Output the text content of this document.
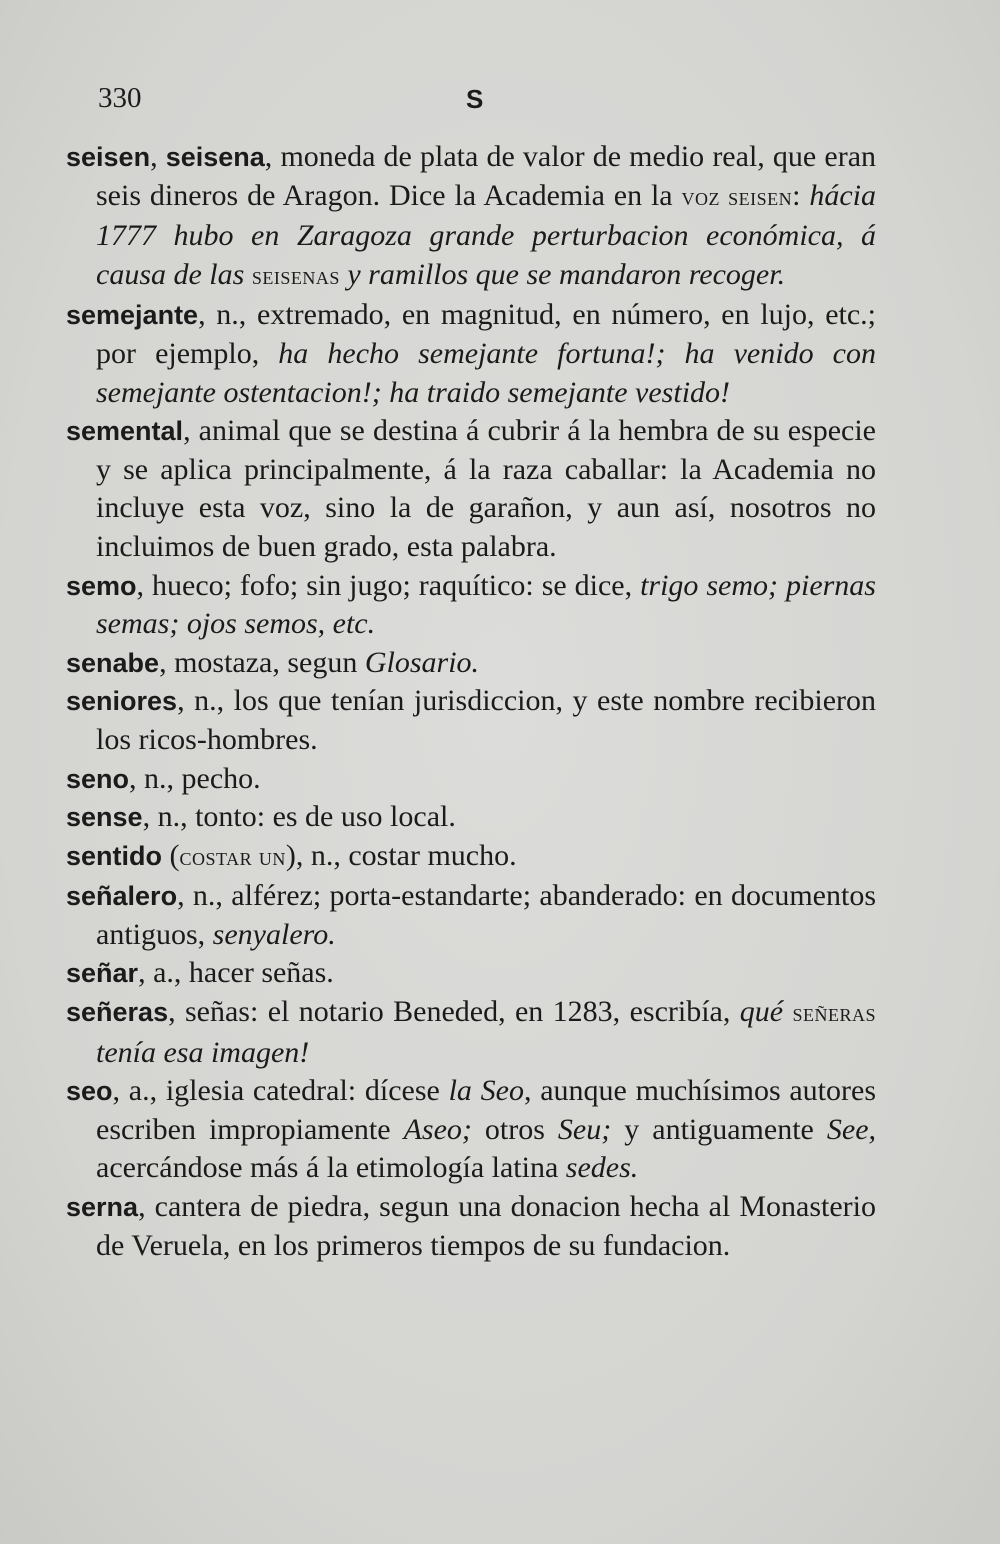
330	S

seisen, seisena, moneda de plata de valor de medio real, que eran seis dineros de Aragon. Dice la Academia en la voz seisen: hácia 1777 hubo en Zaragoza grande perturbacion económica, á causa de las seisenas y ramillos que se mandaron recoger.

semejante, n., extremado, en magnitud, en número, en lujo, etc.; por ejemplo, ha hecho semejante fortuna!; ha venido con semejante ostentacion!; ha traido semejante vestido!

semental, animal que se destina á cubrir á la hembra de su especie y se aplica principalmente, á la raza caballar: la Academia no incluye esta voz, sino la de garañon, y aun así, nosotros no incluimos de buen grado, esta palabra.

semo, hueco; fofo; sin jugo; raquítico: se dice, trigo semo; piernas semas; ojos semos, etc.

senabe, mostaza, segun Glosario.

seniores, n., los que tenían jurisdiccion, y este nombre recibieron los ricos-hombres.

seno, n., pecho.

sense, n., tonto: es de uso local.

sentido (costar un), n., costar mucho.

señalero, n., alférez; porta-estandarte; abanderado: en documentos antiguos, senyalero.

señar, a., hacer señas.

señeras, señas: el notario Beneded, en 1283, escribía, qué señeras tenía esa imagen!

seo, a., iglesia catedral: dícese la Seo, aunque muchísimos autores escriben impropiamente Aseo; otros Seu; y antiguamente See, acercándose más á la etimología latina sedes.

serna, cantera de piedra, segun una donacion hecha al Monasterio de Veruela, en los primeros tiempos de su fundacion.
